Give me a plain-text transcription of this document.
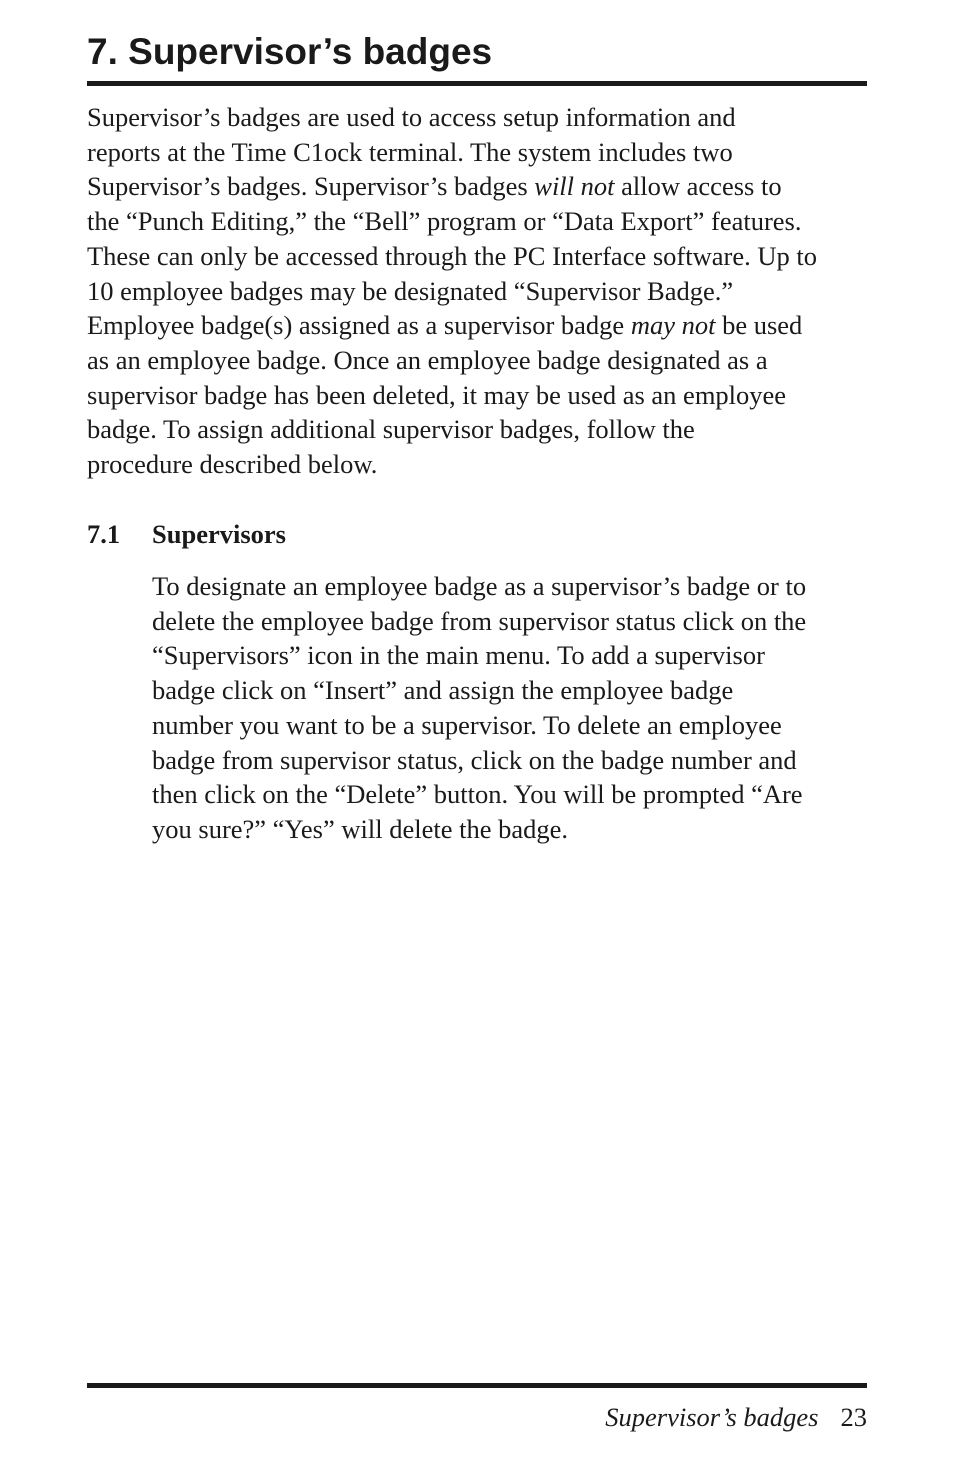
7. Supervisor’s badges

Supervisor’s badges are used to access setup information and
reports at the Time C1ock terminal. The system includes two
Supervisor’s badges. Supervisor’s badges will not allow access to
the “Punch Editing,” the “Bell” program or “Data Export” features.
These can only be accessed through the PC Interface software. Up to
10 employee badges may be designated “Supervisor Badge.”
Employee badge(s) assigned as a supervisor badge may not be used
as an employee badge. Once an employee badge designated as a
supervisor badge has been deleted, it may be used as an employee
badge. To assign additional supervisor badges, follow the
procedure described below.

7.1 Supervisors

To designate an employee badge as a supervisor’s badge or to
delete the employee badge from supervisor status click on the
“Supervisors” icon in the main menu. To add a supervisor
badge click on “Insert” and assign the employee badge
number you want to be a supervisor. To delete an employee
badge from supervisor status, click on the badge number and
then click on the “Delete” button. You will be prompted “Are
you sure?” “Yes” will delete the badge.

Supervisor’s badges 23
